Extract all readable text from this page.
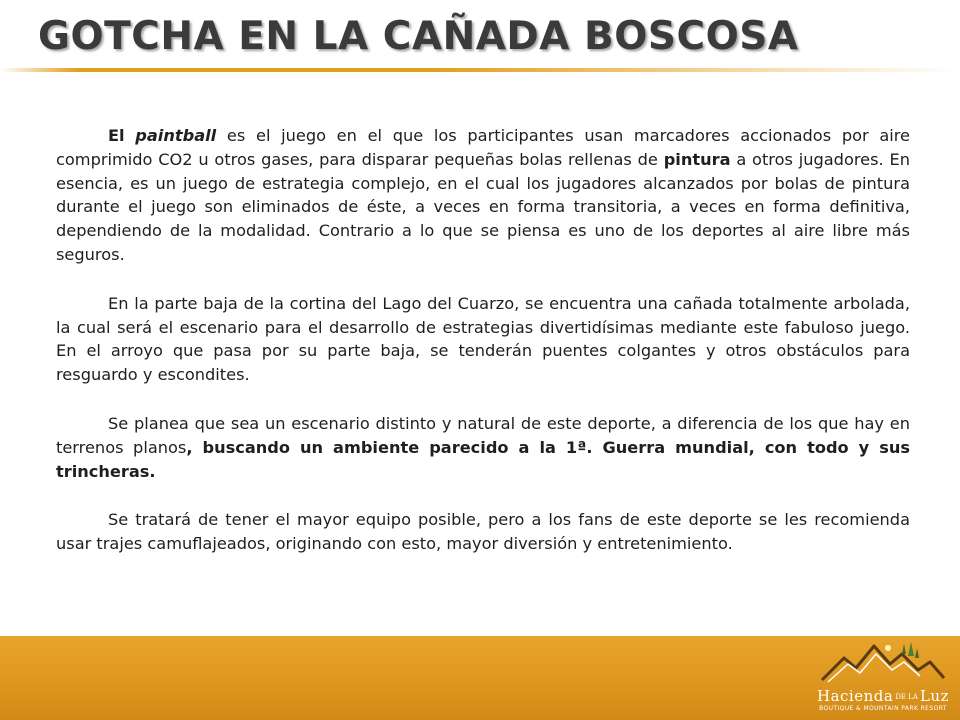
GOTCHA EN LA CAÑADA BOSCOSA

El paintball es el juego en el que los participantes usan marcadores accionados por aire comprimido CO2 u otros gases, para disparar pequeñas bolas rellenas de pintura a otros jugadores. En esencia, es un juego de estrategia complejo, en el cual los jugadores alcanzados por bolas de pintura durante el juego son eliminados de éste, a veces en forma transitoria, a veces en forma definitiva, dependiendo de la modalidad. Contrario a lo que se piensa es uno de los deportes al aire libre más seguros.

En la parte baja de la cortina del Lago del Cuarzo, se encuentra una cañada totalmente arbolada, la cual será el escenario para el desarrollo de estrategias divertidísimas mediante este fabuloso juego. En el arroyo que pasa por su parte baja, se tenderán puentes colgantes y otros obstáculos para resguardo y escondites.

Se planea que sea un escenario distinto y natural de este deporte, a diferencia de los que hay en terrenos planos, buscando un ambiente parecido a la 1ª. Guerra mundial, con todo y sus trincheras.

Se tratará de tener el mayor equipo posible, pero a los fans de este deporte se les recomienda usar trajes camuflajeados, originando con esto, mayor diversión y entretenimiento.

Hacienda DE LA Luz
BOUTIQUE & MOUNTAIN PARK RESORT
